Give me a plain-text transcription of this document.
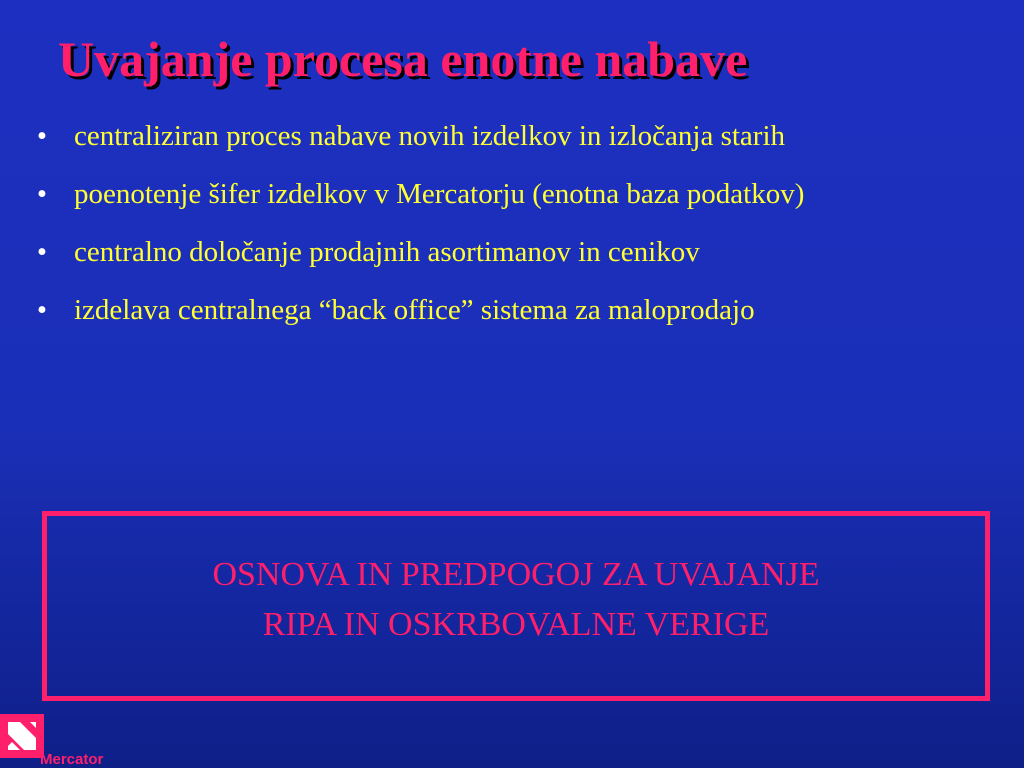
Uvajanje procesa enotne nabave
• centraliziran proces nabave novih izdelkov in izločanja starih
• poenotenje šifer izdelkov v Mercatorju (enotna baza podatkov)
• centralno določanje prodajnih asortimanov in cenikov
• izdelava centralnega “back office” sistema za maloprodajo

OSNOVA IN PREDPOGOJ ZA UVAJANJE
RIPA IN OSKRBOVALNE VERIGE

Mercator
